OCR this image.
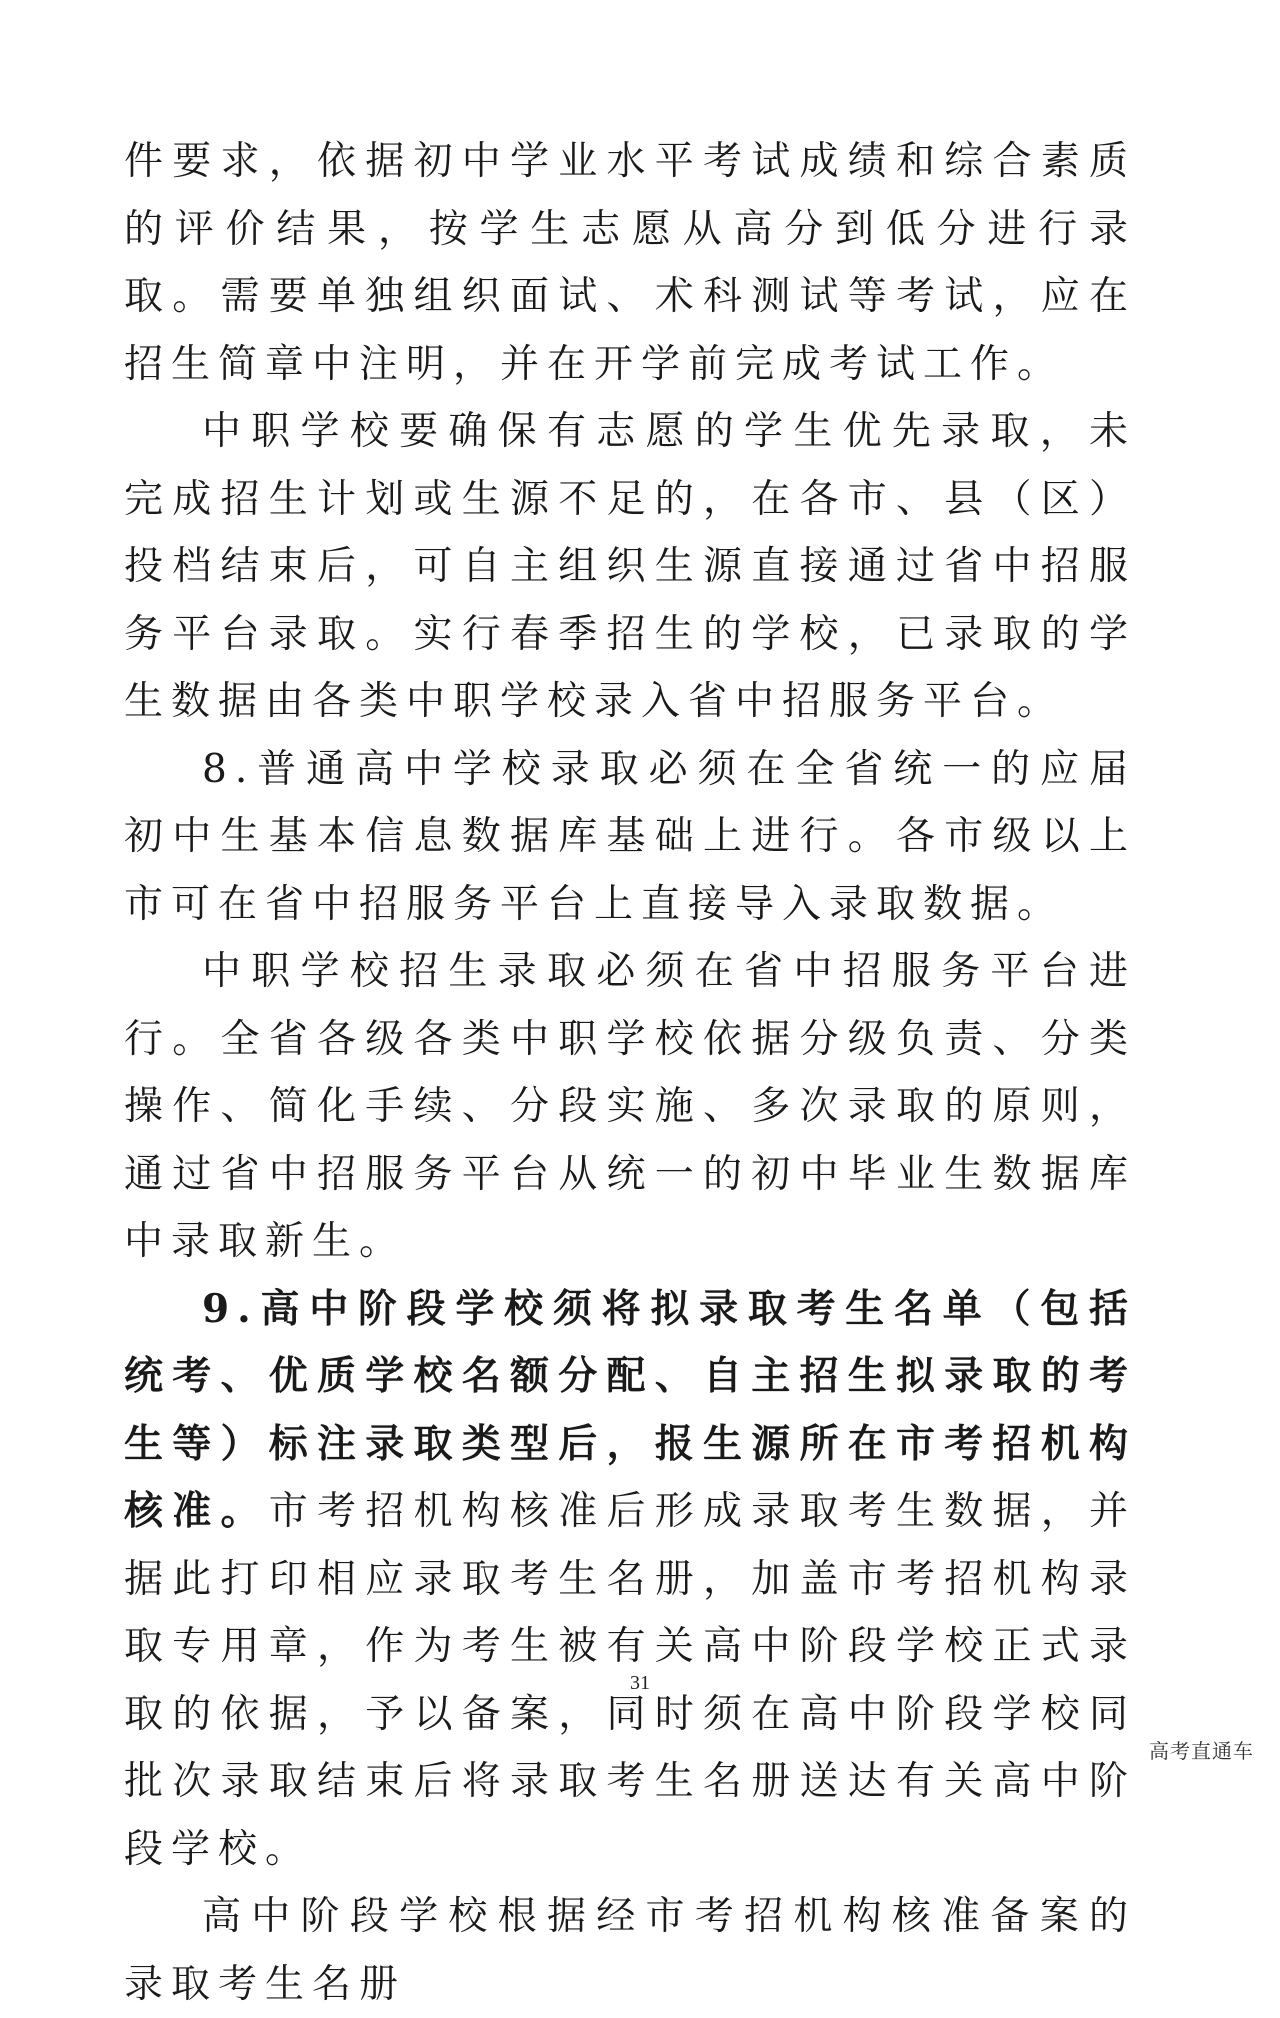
件要求，依据初中学业水平考试成绩和综合素质的评价结果，按学生志愿从高分到低分进行录取。需要单独组织面试、术科测试等考试，应在招生简章中注明，并在开学前完成考试工作。

中职学校要确保有志愿的学生优先录取，未完成招生计划或生源不足的，在各市、县（区）投档结束后，可自主组织生源直接通过省中招服务平台录取。实行春季招生的学校，已录取的学生数据由各类中职学校录入省中招服务平台。

8.普通高中学校录取必须在全省统一的应届初中生基本信息数据库基础上进行。各市级以上市可在省中招服务平台上直接导入录取数据。

中职学校招生录取必须在省中招服务平台进行。全省各级各类中职学校依据分级负责、分类操作、简化手续、分段实施、多次录取的原则，通过省中招服务平台从统一的初中毕业生数据库中录取新生。

9.高中阶段学校须将拟录取考生名单（包括统考、优质学校名额分配、自主招生拟录取的考生等）标注录取类型后，报生源所在市考招机构核准。市考招机构核准后形成录取考生数据，并据此打印相应录取考生名册，加盖市考招机构录取专用章，作为考生被有关高中阶段学校正式录取的依据，予以备案，同时须在高中阶段学校同批次录取结束后将录取考生名册送达有关高中阶段学校。

高中阶段学校根据经市考招机构核准备案的录取考生名册

31
高考直通车
